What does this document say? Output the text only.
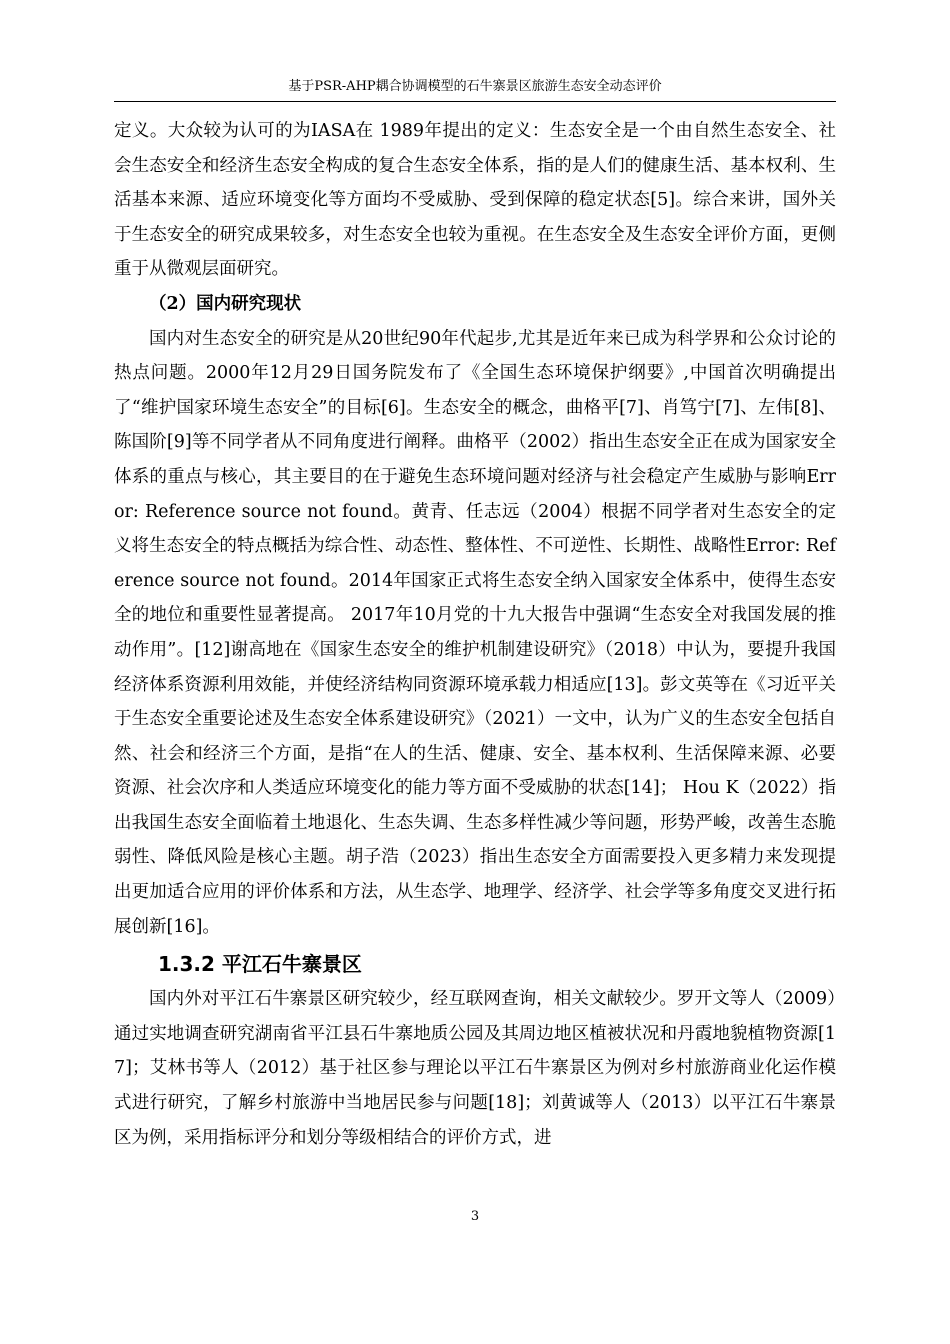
基于PSR-AHP耦合协调模型的石牛寨景区旅游生态安全动态评价

定义。大众较为认可的为IASA在 1989年提出的定义：生态安全是一个由自然生态安全、社会生态安全和经济生态安全构成的复合生态安全体系，指的是人们的健康生活、基本权利、生活基本来源、适应环境变化等方面均不受威胁、受到保障的稳定状态[5]。综合来讲，国外关于生态安全的研究成果较多，对生态安全也较为重视。在生态安全及生态安全评价方面，更侧重于从微观层面研究。

（2）国内研究现状

国内对生态安全的研究是从20世纪90年代起步,尤其是近年来已成为科学界和公众讨论的热点问题。2000年12月29日国务院发布了《全国生态环境保护纲要》,中国首次明确提出了“维护国家环境生态安全”的目标[6]。生态安全的概念，曲格平[7]、肖笃宁[7]、左伟[8]、陈国阶[9]等不同学者从不同角度进行阐释。曲格平（2002）指出生态安全正在成为国家安全体系的重点与核心，其主要目的在于避免生态环境问题对经济与社会稳定产生威胁与影响Error: Reference source not found。黄青、任志远（2004）根据不同学者对生态安全的定义将生态安全的特点概括为综合性、动态性、整体性、不可逆性、长期性、战略性Error: Reference source not found。2014年国家正式将生态安全纳入国家安全体系中，使得生态安全的地位和重要性显著提高。 2017年10月党的十九大报告中强调“生态安全对我国发展的推动作用”。[12]谢高地在《国家生态安全的维护机制建设研究》（2018）中认为，要提升我国经济体系资源利用效能，并使经济结构同资源环境承载力相适应[13]。彭文英等在《习近平关于生态安全重要论述及生态安全体系建设研究》（2021）一文中，认为广义的生态安全包括自然、社会和经济三个方面，是指“在人的生活、健康、安全、基本权利、生活保障来源、必要资源、社会次序和人类适应环境变化的能力等方面不受威胁的状态[14]； Hou K（2022）指出我国生态安全面临着土地退化、生态失调、生态多样性减少等问题，形势严峻，改善生态脆弱性、降低风险是核心主题。胡子浩（2023）指出生态安全方面需要投入更多精力来发现提出更加适合应用的评价体系和方法，从生态学、地理学、经济学、社会学等多角度交叉进行拓展创新[16]。

1.3.2 平江石牛寨景区

国内外对平江石牛寨景区研究较少，经互联网查询，相关文献较少。罗开文等人（2009）通过实地调查研究湖南省平江县石牛寨地质公园及其周边地区植被状况和丹霞地貌植物资源[17]；艾林书等人（2012）基于社区参与理论以平江石牛寨景区为例对乡村旅游商业化运作模式进行研究，了解乡村旅游中当地居民参与问题[18]；刘黄诚等人（2013）以平江石牛寨景区为例，采用指标评分和划分等级相结合的评价方式，进

3
